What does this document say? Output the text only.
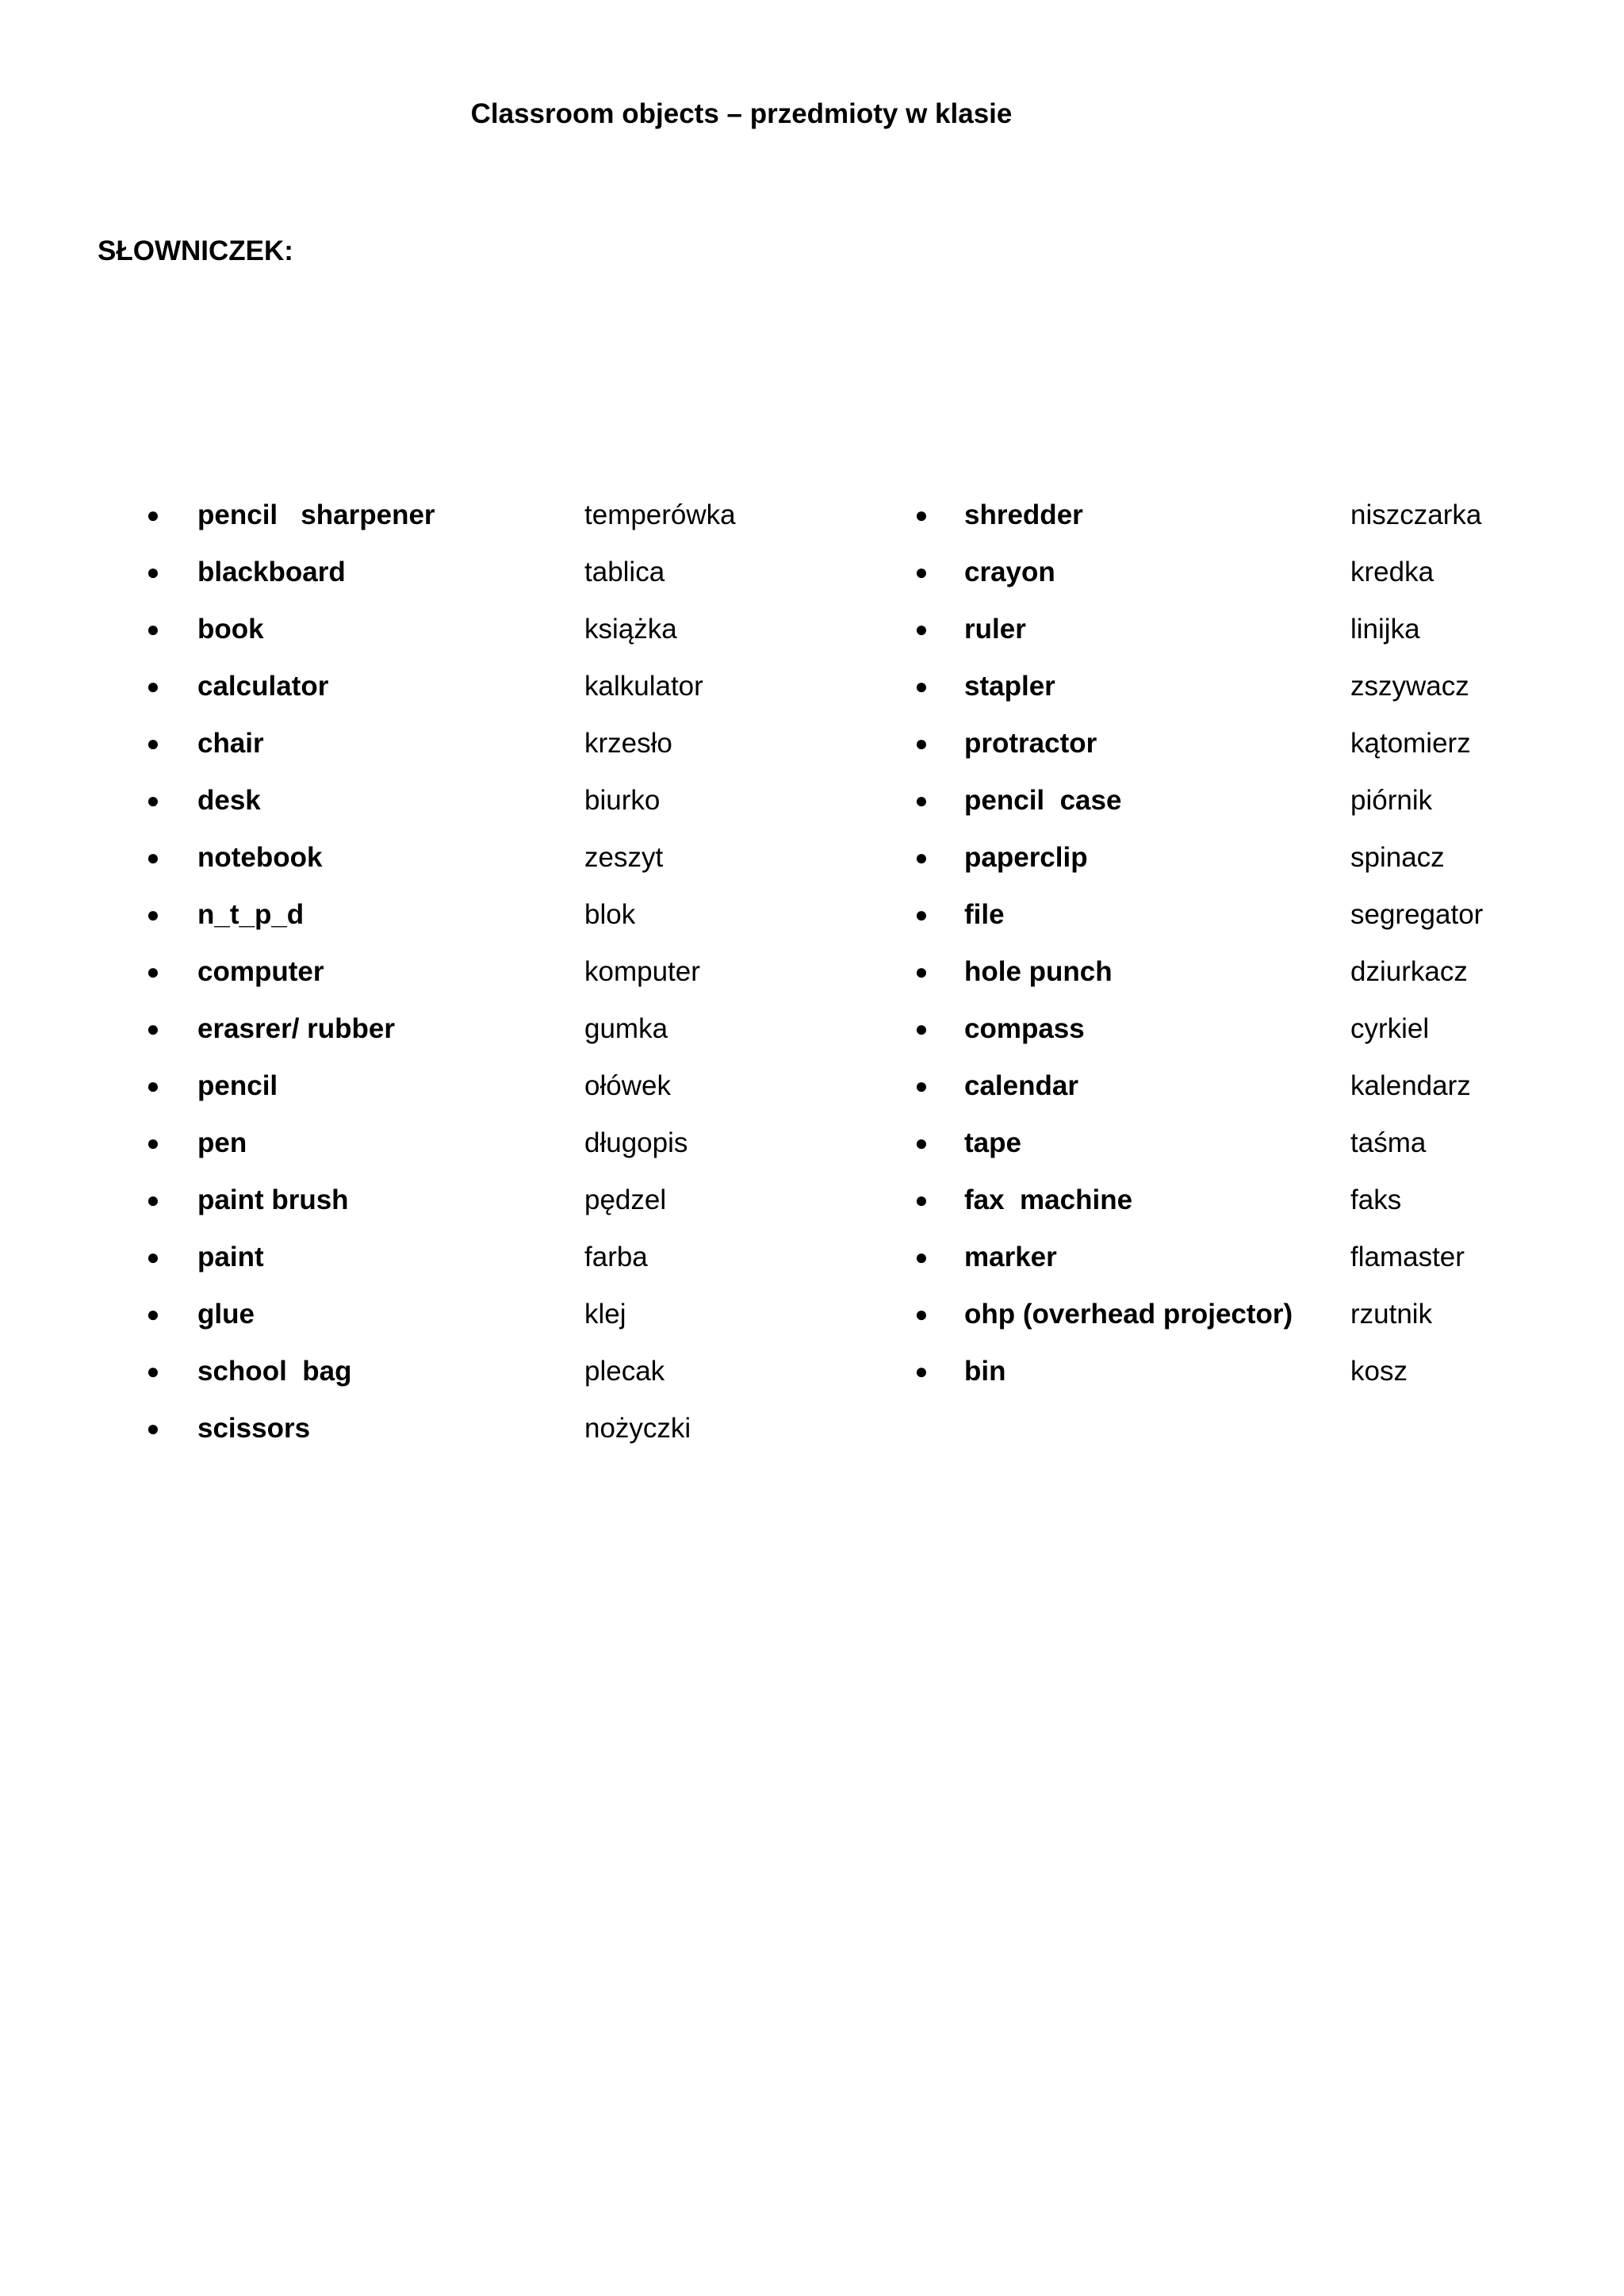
Classroom objects – przedmioty w klasie
SŁOWNICZEK:
● pencil   sharpener	temperówka
● blackboard	tablica
● book	książka
● calculator	kalkulator
● chair	krzesło
● desk	biurko
● notebook	zeszyt
● n_t_p_d	blok
● computer	komputer
● erasrer/ rubber	gumka
● pencil	ołówek
● pen	długopis
● paint brush	pędzel
● paint	farba
● glue	klej
● school  bag	plecak
● scissors	nożyczki
● shredder	niszczarka
● crayon	kredka
● ruler	linijka
● stapler	zszywacz
● protractor	kątomierz
● pencil  case	piórnik
● paperclip	spinacz
● file	segregator
● hole punch	dziurkacz
● compass	cyrkiel
● calendar	kalendarz
● tape	taśma
● fax  machine	faks
● marker	flamaster
● ohp (overhead projector) rzutnik
● bin	kosz
